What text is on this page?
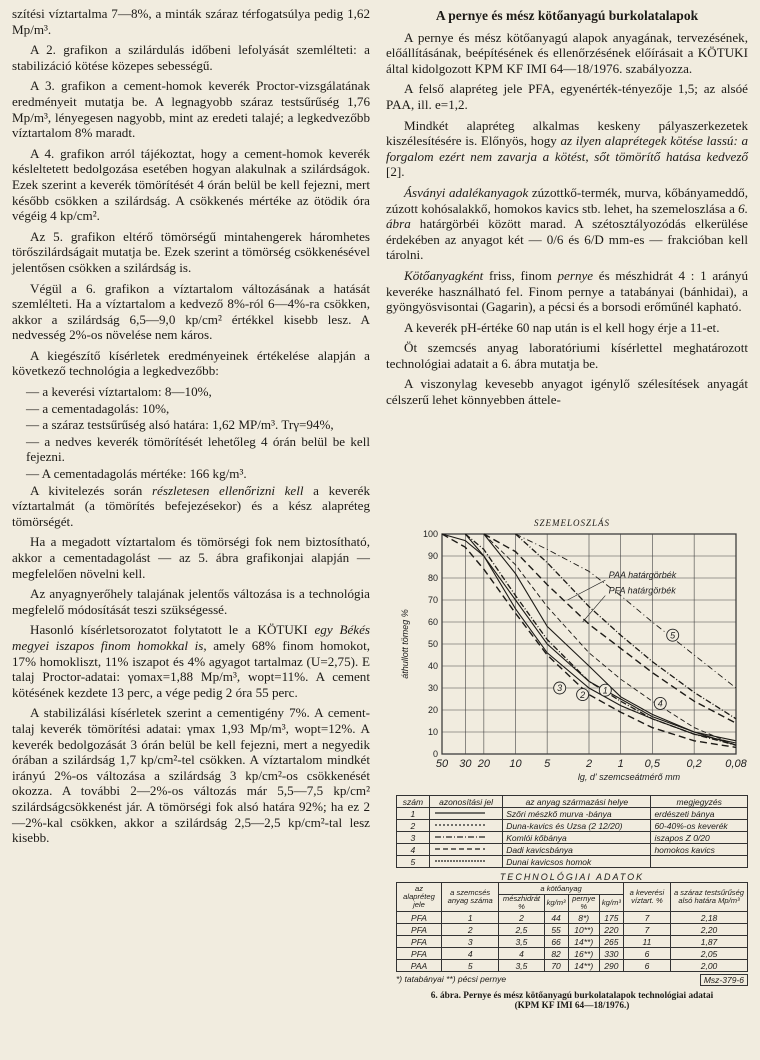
szítési víztartalma 7—8%, a minták száraz térfogatsúlya pedig 1,62 Mp/m³.

A 2. grafikon a szilárdulás időbeni lefolyását szemlélteti: a stabilizáció kötése közepes sebességű.

A 3. grafikon a cement-homok keverék Proctor-vizsgálatának eredményeit mutatja be. A legnagyobb száraz testsűrűség 1,76 Mp/m³, lényegesen nagyobb, mint az eredeti talajé; a legkedvezőbb víztartalom 8% maradt.

A 4. grafikon arról tájékoztat, hogy a cement-homok keverék késleltetett bedolgozása esetében hogyan alakulnak a szilárdságok. Ezek szerint a keverék tömörítését 4 órán belül be kell fejezni, mert később csökken a szilárdság. A csökkenés mértéke az ötödik óra végéig 4 kp/cm².

Az 5. grafikon eltérő tömörségű mintahengerek háromhetes törőszilárdságait mutatja be. Ezek szerint a tömörség csökkenésével jelentősen csökken a szilárdság is.

Végül a 6. grafikon a víztartalom változásának a hatását szemlélteti. Ha a víztartalom a kedvező 8%-ról 6—4%-ra csökken, akkor a szilárdság 6,5—9,0 kp/cm² értékkel kisebb lesz. A nedvesség 2%-os növelése nem káros.

A kiegészítő kísérletek eredményeinek értékelése alapján a következő technológia a legkedvezőbb:

— a keverési víztartalom: 8—10%,

— a cementadagolás: 10%,

— a száraz testsűrűség alsó határa: 1,62 MP/m³. Trγ=94%,

— a nedves keverék tömörítését lehetőleg 4 órán belül be kell fejezni.

— A cementadagolás mértéke: 166 kg/m³.

A kivitelezés során részletesen ellenőrizni kell a keverék víztartalmát (a tömörítés befejezésekor) és a kész alapréteg tömörségét.

Ha a megadott víztartalom és tömörségi fok nem biztosítható, akkor a cementadagolást — az 5. ábra grafikonjai alapján — megfelelően növelni kell.

Az anyagnyerőhely talajának jelentős változása is a technológia megfelelő módosítását teszi szükségessé.

Hasonló kísérletsorozatot folytatott le a KÖTUKI egy Békés megyei iszapos finom homokkal is, amely 68% finom homokot, 17% homokliszt, 11% iszapot és 4% agyagot tartalmaz (U=2,75). E talaj Proctor-adatai: γomax=1,88 Mp/m³, wopt=11%. A cement kötésének kezdete 13 perc, a vége pedig 2 óra 55 perc.

A stabilizálási kísérletek szerint a cementigény 7%. A cement-talaj keverék tömörítési adatai: γmax 1,93 Mp/m³, wopt=12%. A keverék bedolgozását 3 órán belül be kell fejezni, mert a negyedik órában a szilárdság 1,7 kp/cm²-tel csökken. A víztartalom mindkét irányú 2%-os változása a szilárdság 3 kp/cm²-os csökkenését okozza. A további 2—2%-os változás már 5,5—7,5 kp/cm² szilárdságcsökkenést jár. A tömörségi fok alsó határa 92%; ha ez 2—2%-kal csökken, akkor a szilárdság 2,5—2,5 kp/cm²-tal lesz kisebb.

A pernye és mész kötőanyagú burkolatalapok

A pernye és mész kötőanyagú alapok anyagának, tervezésének, előállításának, beépítésének és ellenőrzésének előírásait a KÖTUKI által kidolgozott KPM KF IMI 64—18/1976. szabályozza.

A felső alapréteg jele PFA, egyenérték-tényezője 1,5; az alsóé PAA, ill. e=1,2.

Mindkét alapréteg alkalmas keskeny pályaszerkezetek kiszélesítésére is. Előnyös, hogy az ilyen alaprétegek kötése lassú: a forgalom ezért nem zavarja a kötést, sőt tömörítő hatása kedvező [2].

Ásványi adalékanyagok zúzottkő-termék, murva, kőbányameddő, zúzott kohósalakkő, homokos kavics stb. lehet, ha szemeloszlása a 6. ábra határgörbéi között marad. A szétosztályozódás elkerülése érdekében az anyagot két — 0/6 és 6/D mm-es — frakcióban kell tárolni.

Kötőanyagként friss, finom pernye és mészhidrát 4 : 1 arányú keveréke használható fel. Finom pernye a tatabányai (bánhidai), a gyöngyösvisontai (Gagarin), a pécsi és a borsodi erőműnél kapható.

A keverék pH-értéke 60 nap után is el kell hogy érje a 11-et.

Öt szemcsés anyag laboratóriumi kísérlettel meghatározott technológiai adatait a 6. ábra mutatja be.

A viszonylag kevesebb anyagot igénylő szélesítések anyagát célszerű lehet könnyebben áttele-

SZEMELOSZLÁS
50 30 20 10 5	2 1 0,5 0,2 0,08
0
10
20
30
40
50
60
70
80
90
100
áthullott tömeg %
lg, d' szemcseátmérő mm
PAA határgörbék
PFA határgörbék
1
2
3
4
5
szám	azonosítási jel	az anyag származási helye	megjegyzés
1		Szőri mészkő murva -bánya	erdészeti bánya
2		Duna-kavics és Uzsa (2 12/20)	60-40%-os keverék
3		Komlói kőbánya	iszapos Z 0/20
4		Dadi kavicsbánya	homokos kavics
5		Dunai kavicsos homok	
TECHNOLÓGIAI ADATOK
az alapréteg jele	a szemcsés anyag száma	a kötőanyag				a keverési víztart. %	a száraz testsűrűség alsó határa Mp/m³
		mészhidrát %	kg/m³	pernye %	kg/m³		
PFA	1	2	44	8*)	175	7	2,18
PFA	2	2,5	55	10**)	220	7	2,20
PFA	3	3,5	66	14**)	265	11	1,87
PFA	4	4	82	16**)	330	6	2,05
PAA	5	3,5	70	14**)	290	6	2,00
*) tatabányai **) pécsi pernye	Msz-379-6
6. ábra. Pernye és mész kötőanyagú burkolatalapok technológiai adatai
(KPM KF IMI 64—18/1976.)
